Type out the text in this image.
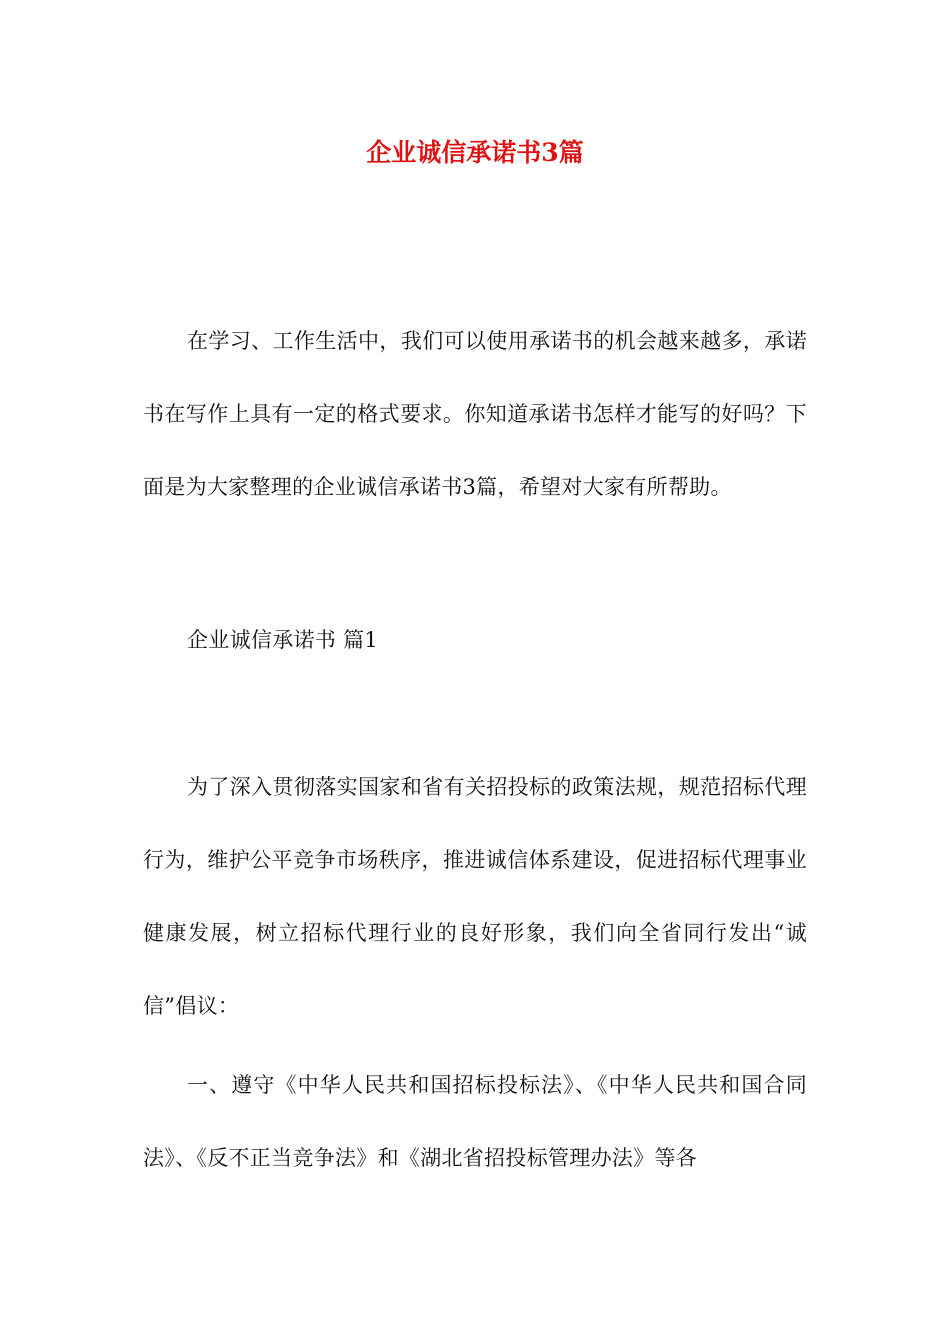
企业诚信承诺书3篇

在学习、工作生活中，我们可以使用承诺书的机会越来越多，承诺书在写作上具有一定的格式要求。你知道承诺书怎样才能写的好吗？下面是为大家整理的企业诚信承诺书3篇，希望对大家有所帮助。

企业诚信承诺书 篇1

为了深入贯彻落实国家和省有关招投标的政策法规，规范招标代理行为，维护公平竞争市场秩序，推进诚信体系建设，促进招标代理事业健康发展，树立招标代理行业的良好形象，我们向全省同行发出“诚信”倡议：

一、遵守《中华人民共和国招标投标法》、《中华人民共和国合同法》、《反不正当竞争法》和《湖北省招投标管理办法》等各
